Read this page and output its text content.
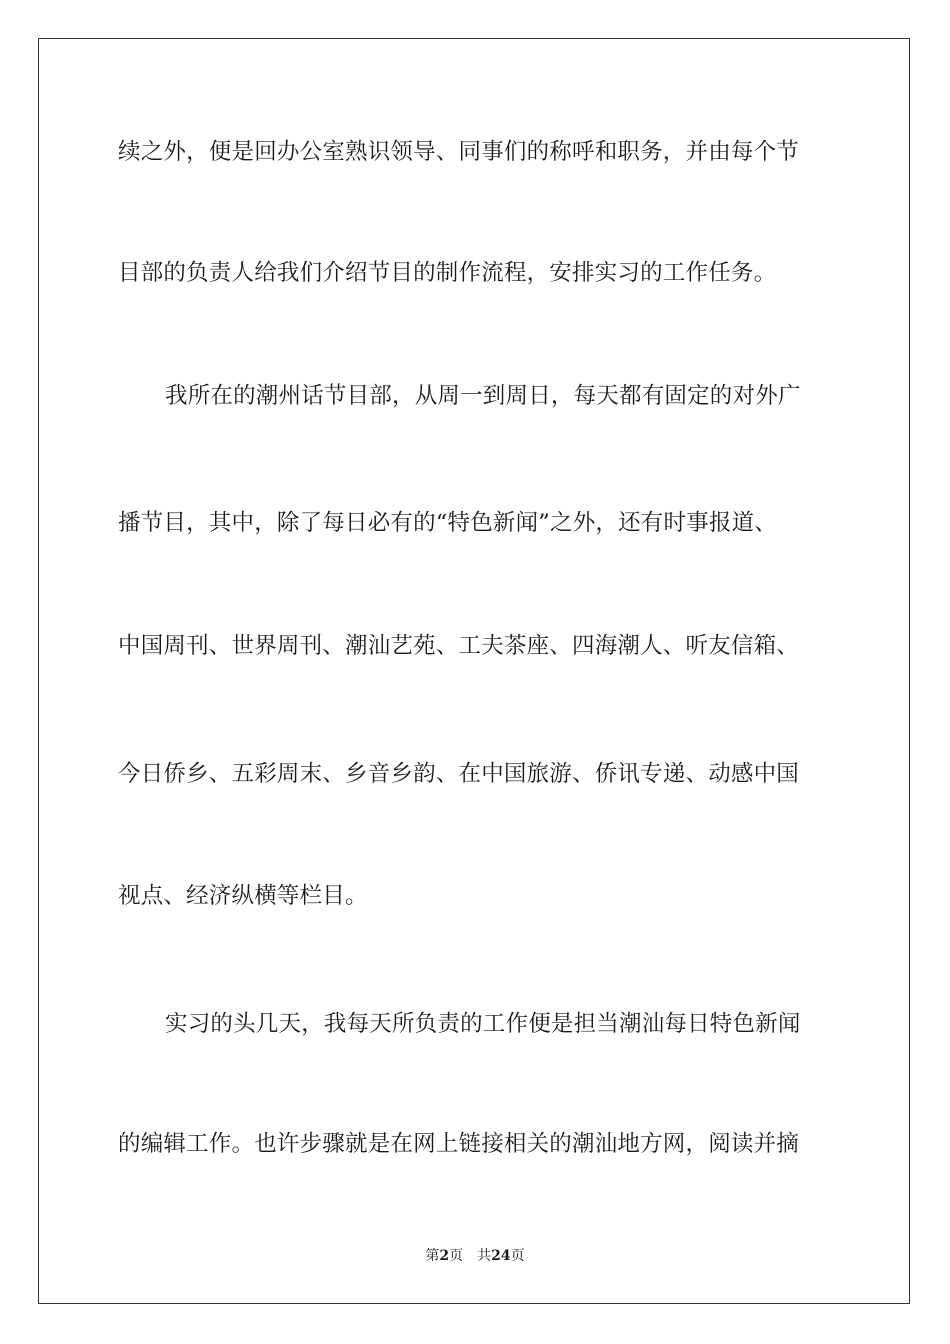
续之外，便是回办公室熟识领导、同事们的称呼和职务，并由每个节
目部的负责人给我们介绍节目的制作流程，安排实习的工作任务。
我所在的潮州话节目部，从周一到周日，每天都有固定的对外广
播节目，其中，除了每日必有的“特色新闻”之外，还有时事报道、
中国周刊、世界周刊、潮汕艺苑、工夫茶座、四海潮人、听友信箱、
今日侨乡、五彩周末、乡音乡韵、在中国旅游、侨讯专递、动感中国
视点、经济纵横等栏目。
实习的头几天，我每天所负责的工作便是担当潮汕每日特色新闻
的编辑工作。也许步骤就是在网上链接相关的潮汕地方网，阅读并摘
第2页 共24页
